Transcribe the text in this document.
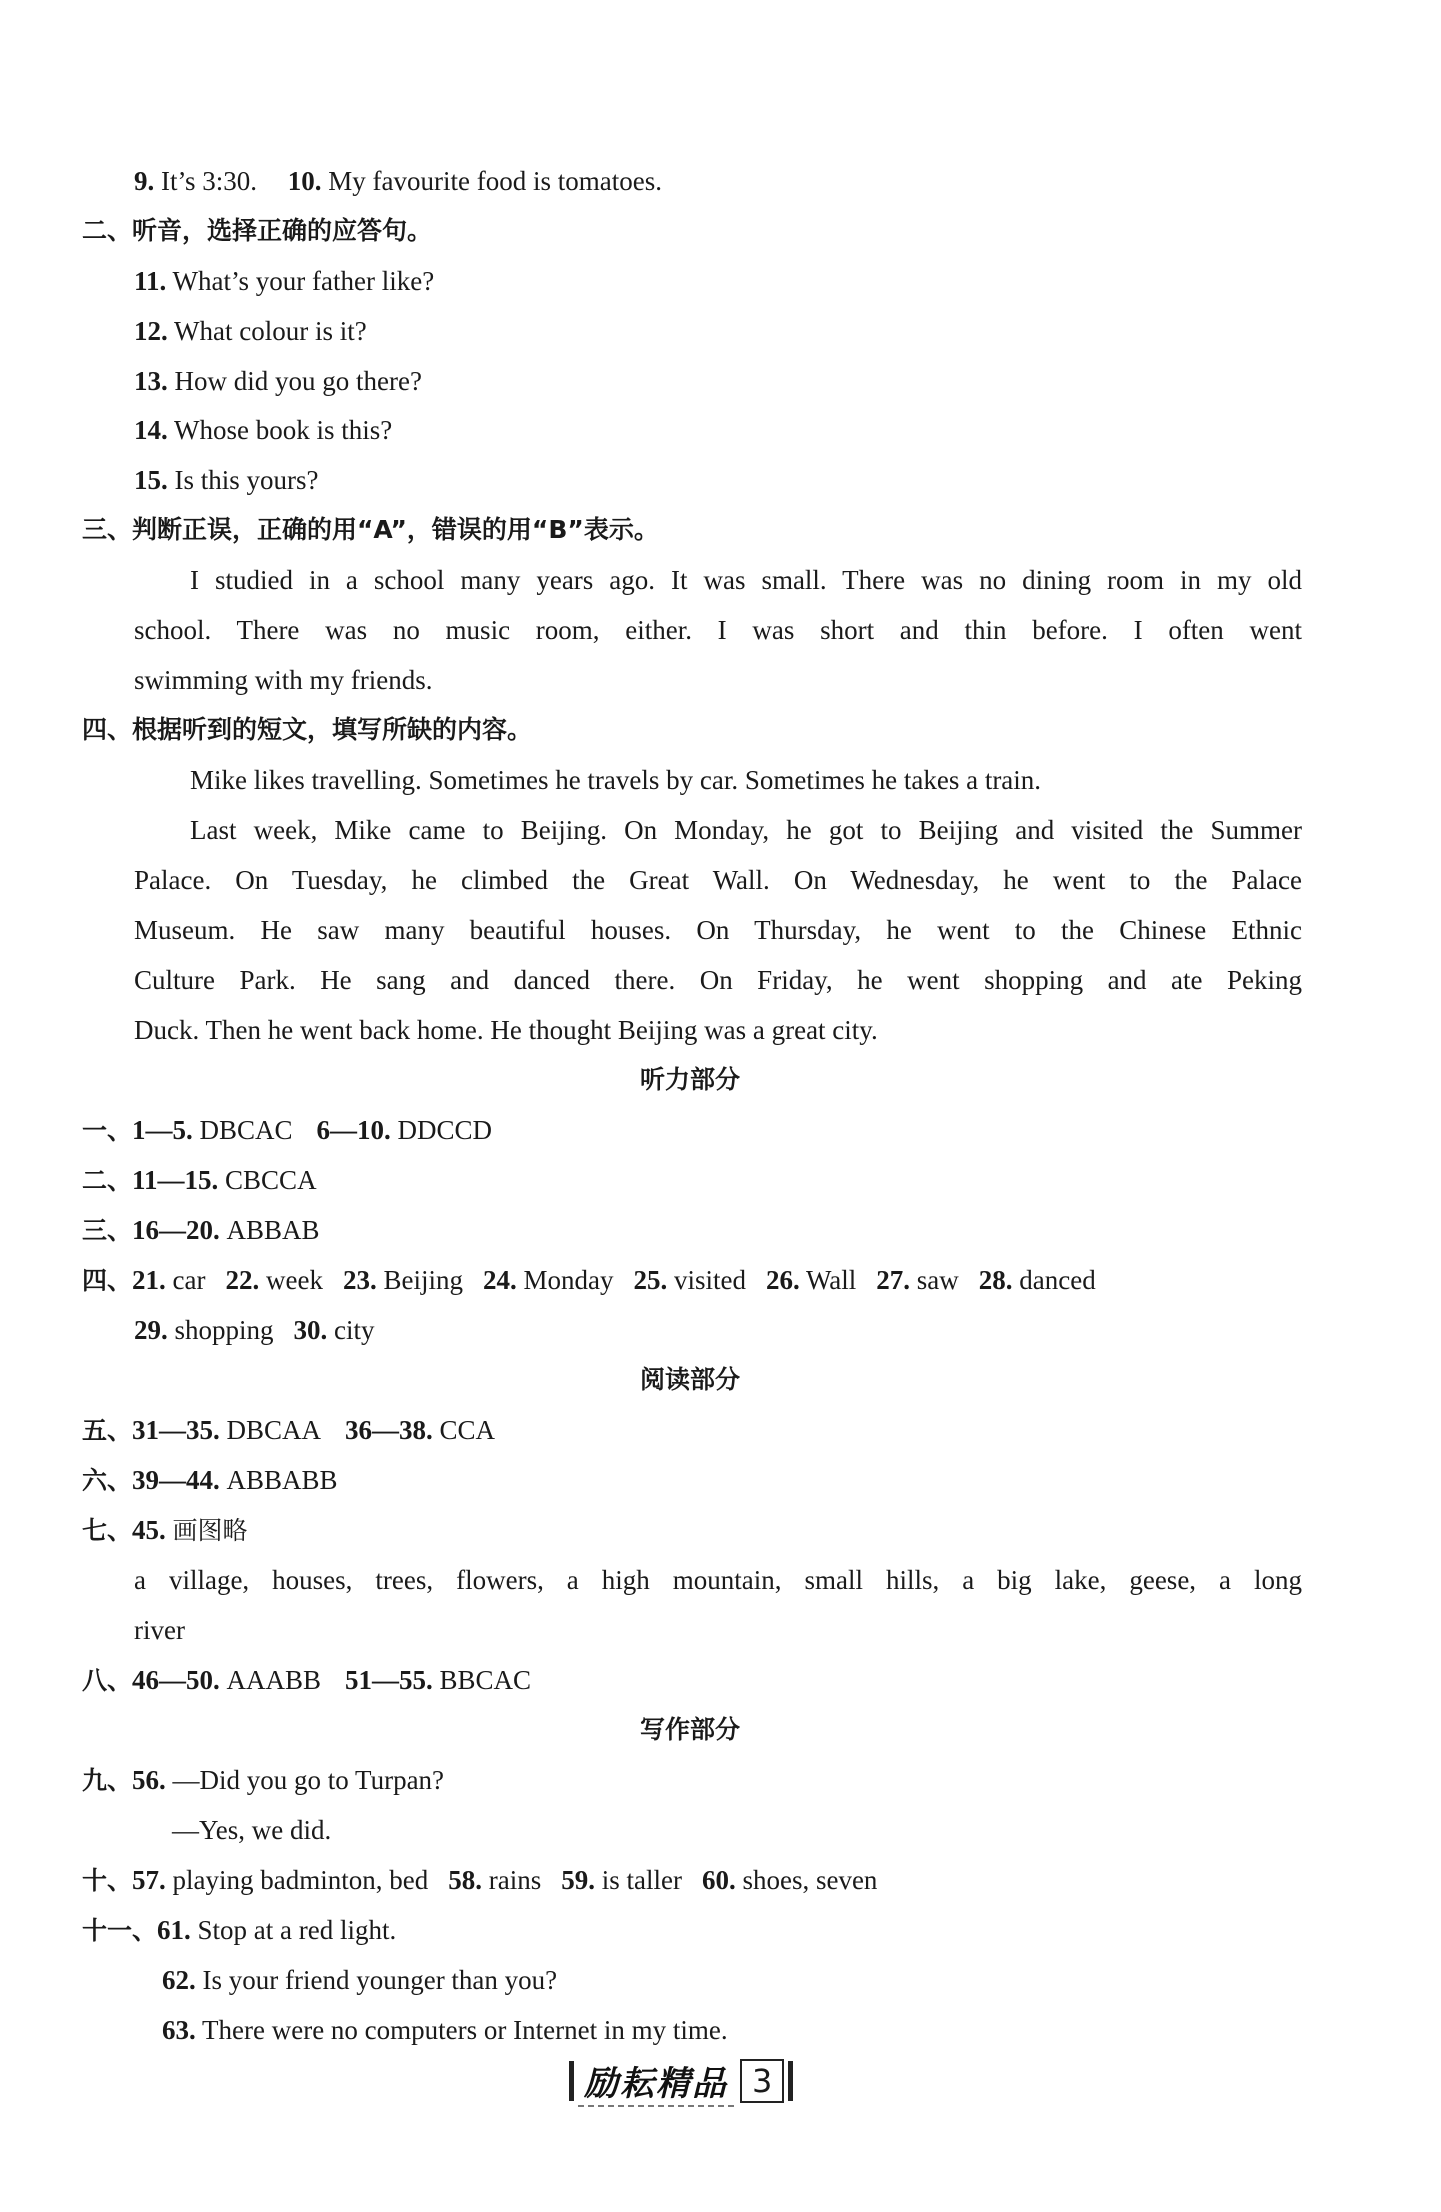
9. It’s 3:30. 10. My favourite food is tomatoes.
二、听音，选择正确的应答句。
11. What’s your father like?
12. What colour is it?
13. How did you go there?
14. Whose book is this?
15. Is this yours?
三、判断正误，正确的用“A”，错误的用“B”表示。
I studied in a school many years ago. It was small. There was no dining room in my old
school. There was no music room, either. I was short and thin before. I often went
swimming with my friends.
四、根据听到的短文，填写所缺的内容。
Mike likes travelling. Sometimes he travels by car. Sometimes he takes a train.
Last week, Mike came to Beijing. On Monday, he got to Beijing and visited the Summer
Palace. On Tuesday, he climbed the Great Wall. On Wednesday, he went to the Palace
Museum. He saw many beautiful houses. On Thursday, he went to the Chinese Ethnic
Culture Park. He sang and danced there. On Friday, he went shopping and ate Peking
Duck. Then he went back home. He thought Beijing was a great city.
听力部分
一、1—5. DBCAC 6—10. DDCCD
二、11—15. CBCCA
三、16—20. ABBAB
四、21. car 22. week 23. Beijing 24. Monday 25. visited 26. Wall 27. saw 28. danced
29. shopping 30. city
阅读部分
五、31—35. DBCAA 36—38. CCA
六、39—44. ABBABB
七、45. 画图略
a village, houses, trees, flowers, a high mountain, small hills, a big lake, geese, a long
river
八、46—50. AAABB 51—55. BBCAC
写作部分
九、56. —Did you go to Turpan?
—Yes, we did.
十、57. playing badminton, bed 58. rains 59. is taller 60. shoes, seven
十一、61. Stop at a red light.
62. Is your friend younger than you?
63. There were no computers or Internet in my time.
励耘精品 3
